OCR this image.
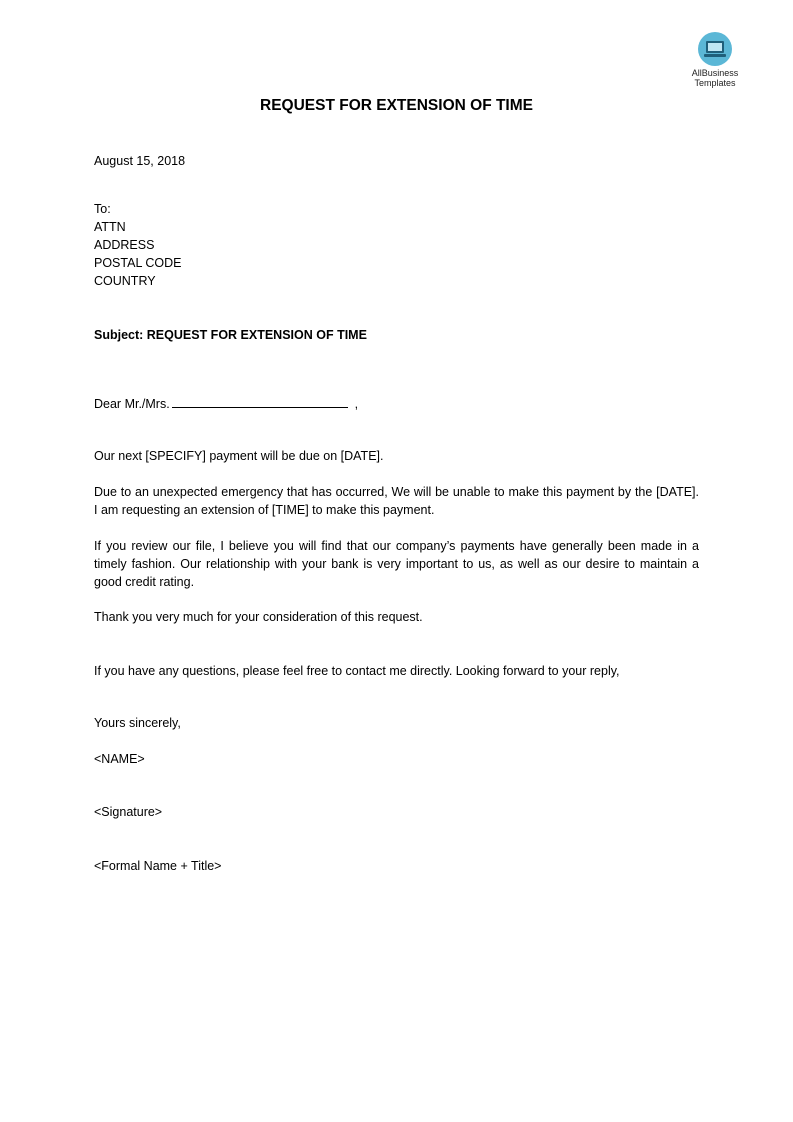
AllBusiness
Templates
REQUEST FOR EXTENSION OF TIME
August 15, 2018
To:
ATTN
ADDRESS
POSTAL CODE
COUNTRY
Subject: REQUEST FOR EXTENSION OF TIME
Dear Mr./Mrs.	,
Our next [SPECIFY] payment will be due on [DATE].
Due to an unexpected emergency that has occurred, We will be unable to make this payment by the [DATE]. I am requesting an extension of [TIME] to make this payment.
If you review our file, I believe you will find that our company’s payments have generally been made in a timely fashion. Our relationship with your bank is very important to us, as well as our desire to maintain a good credit rating.
Thank you very much for your consideration of this request.
If you have any questions, please feel free to contact me directly. Looking forward to your reply,
Yours sincerely,
<NAME>
<Signature>
<Formal Name + Title>
